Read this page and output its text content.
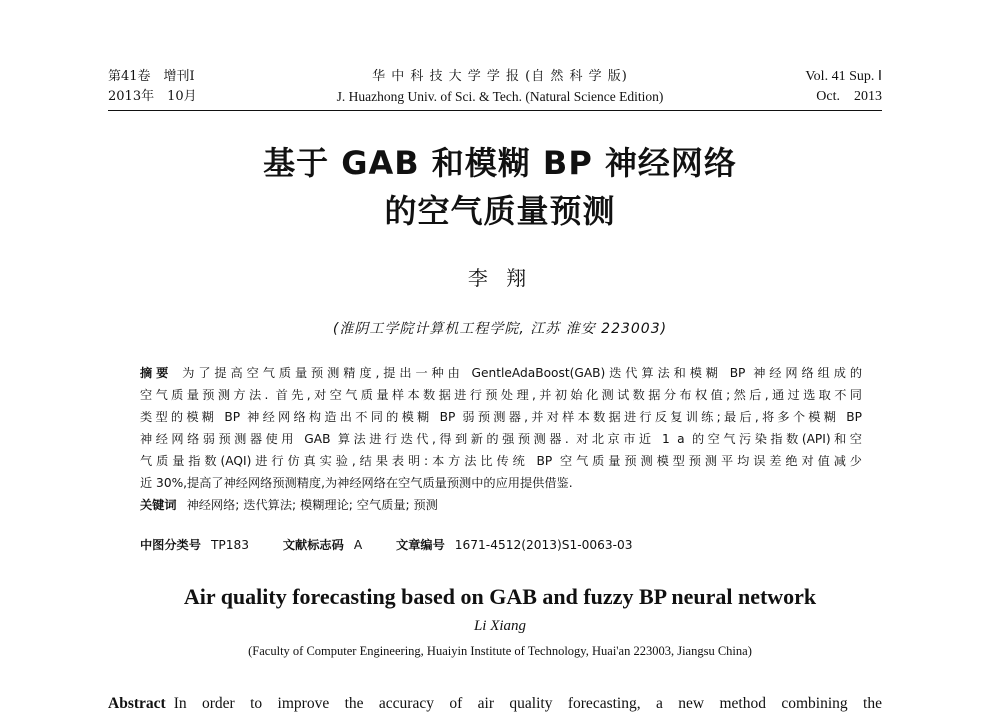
第41卷　增刊Ⅰ
2013年　10月
华 中 科 技 大 学 学 报 (自 然 科 学 版)
J. Huazhong Univ. of Sci. & Tech. (Natural Science Edition)
Vol. 41 Sup. Ⅰ
Oct.　2013
基于 GAB 和模糊 BP 神经网络
的空气质量预测
李 翔
(淮阴工学院计算机工程学院, 江苏 淮安 223003)
摘要 为了提高空气质量预测精度,提出一种由 GentleAdaBoost(GAB)迭代算法和模糊 BP 神经网络组成的
空气质量预测方法. 首先,对空气质量样本数据进行预处理,并初始化测试数据分布权值;然后,通过选取不同
类型的模糊 BP 神经网络构造出不同的模糊 BP 弱预测器,并对样本数据进行反复训练;最后,将多个模糊 BP
神经网络弱预测器使用 GAB 算法进行迭代,得到新的强预测器. 对北京市近 1 a 的空气污染指数(API)和空
气质量指数(AQI)进行仿真实验,结果表明:本方法比传统 BP 空气质量预测模型预测平均误差绝对值减少
近 30%,提高了神经网络预测精度,为神经网络在空气质量预测中的应用提供借鉴.
关键词 神经网络; 迭代算法; 模糊理论; 空气质量; 预测
中图分类号 TP183	文献标志码 A	文章编号 1671-4512(2013)S1-0063-03
Air quality forecasting based on GAB and fuzzy BP neural network
Li Xiang
(Faculty of Computer Engineering, Huaiyin Institute of Technology, Huai'an 223003, Jiangsu China)
Abstract In order to improve the accuracy of air quality forecasting, a new method combining the
